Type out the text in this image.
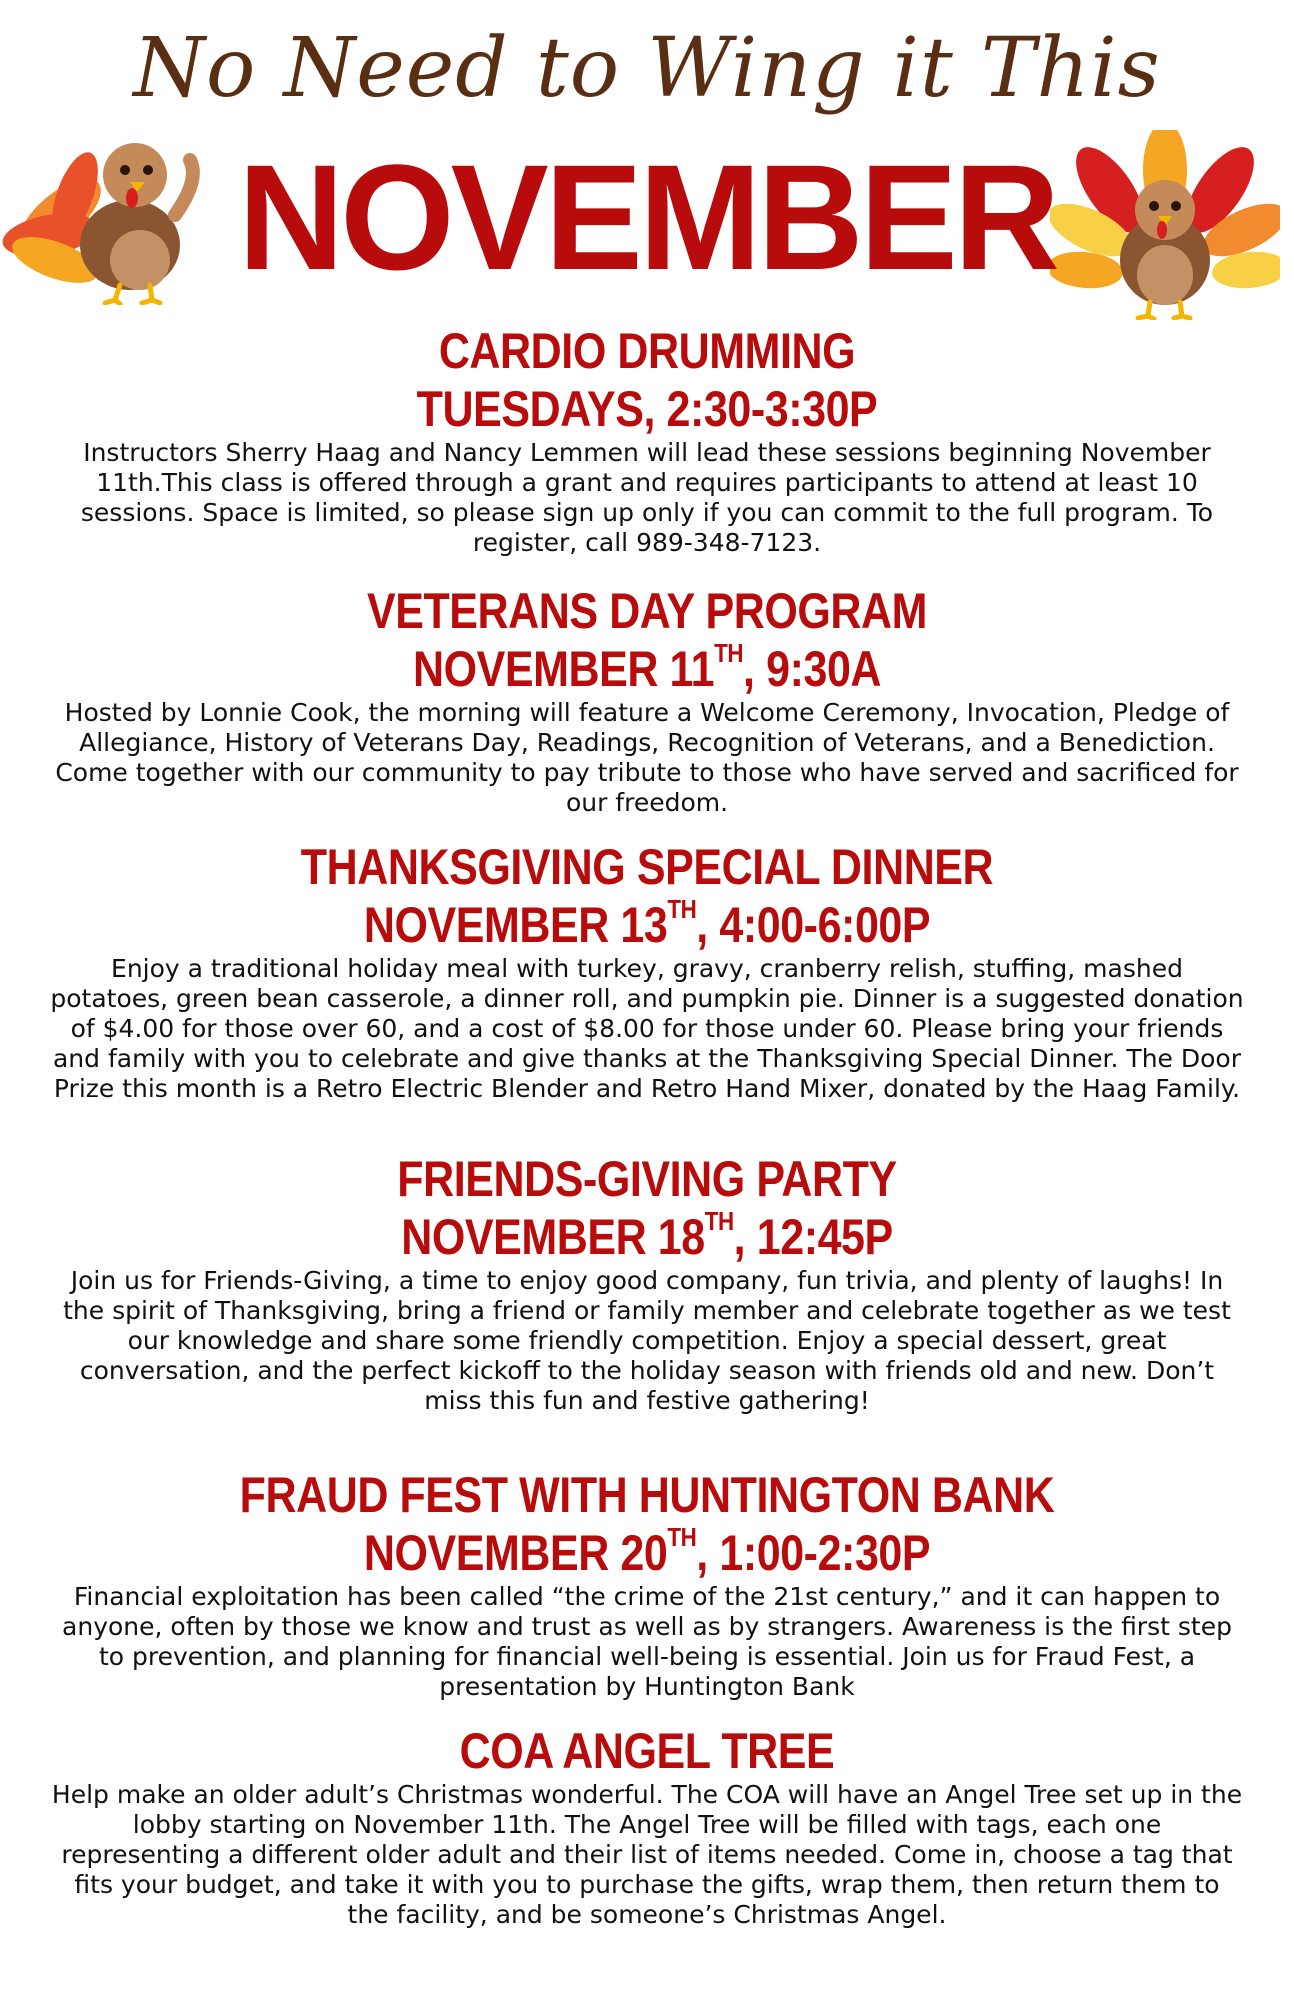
No Need to Wing it This
NOVEMBER
CARDIO DRUMMING
TUESDAYS, 2:30-3:30P
Instructors Sherry Haag and Nancy Lemmen will lead these sessions beginning November 11th.This class is offered through a grant and requires participants to attend at least 10 sessions. Space is limited, so please sign up only if you can commit to the full program. To register, call 989-348-7123.
VETERANS DAY PROGRAM
NOVEMBER 11TH, 9:30A
Hosted by Lonnie Cook, the morning will feature a Welcome Ceremony, Invocation, Pledge of Allegiance, History of Veterans Day, Readings, Recognition of Veterans, and a Benediction. Come together with our community to pay tribute to those who have served and sacrificed for our freedom.
THANKSGIVING SPECIAL DINNER
NOVEMBER 13TH, 4:00-6:00P
Enjoy a traditional holiday meal with turkey, gravy, cranberry relish, stuffing, mashed potatoes, green bean casserole, a dinner roll, and pumpkin pie. Dinner is a suggested donation of $4.00 for those over 60, and a cost of $8.00 for those under 60. Please bring your friends and family with you to celebrate and give thanks at the Thanksgiving Special Dinner. The Door Prize this month is a Retro Electric Blender and Retro Hand Mixer, donated by the Haag Family.
FRIENDS-GIVING PARTY
NOVEMBER 18TH, 12:45P
Join us for Friends-Giving, a time to enjoy good company, fun trivia, and plenty of laughs! In the spirit of Thanksgiving, bring a friend or family member and celebrate together as we test our knowledge and share some friendly competition. Enjoy a special dessert, great conversation, and the perfect kickoff to the holiday season with friends old and new. Don’t miss this fun and festive gathering!
FRAUD FEST WITH HUNTINGTON BANK
NOVEMBER 20TH, 1:00-2:30P
Financial exploitation has been called “the crime of the 21st century,” and it can happen to anyone, often by those we know and trust as well as by strangers. Awareness is the first step to prevention, and planning for financial well-being is essential. Join us for Fraud Fest, a presentation by Huntington Bank
COA ANGEL TREE
Help make an older adult’s Christmas wonderful. The COA will have an Angel Tree set up in the lobby starting on November 11th. The Angel Tree will be filled with tags, each one representing a different older adult and their list of items needed. Come in, choose a tag that fits your budget, and take it with you to purchase the gifts, wrap them, then return them to the facility, and be someone’s Christmas Angel.
